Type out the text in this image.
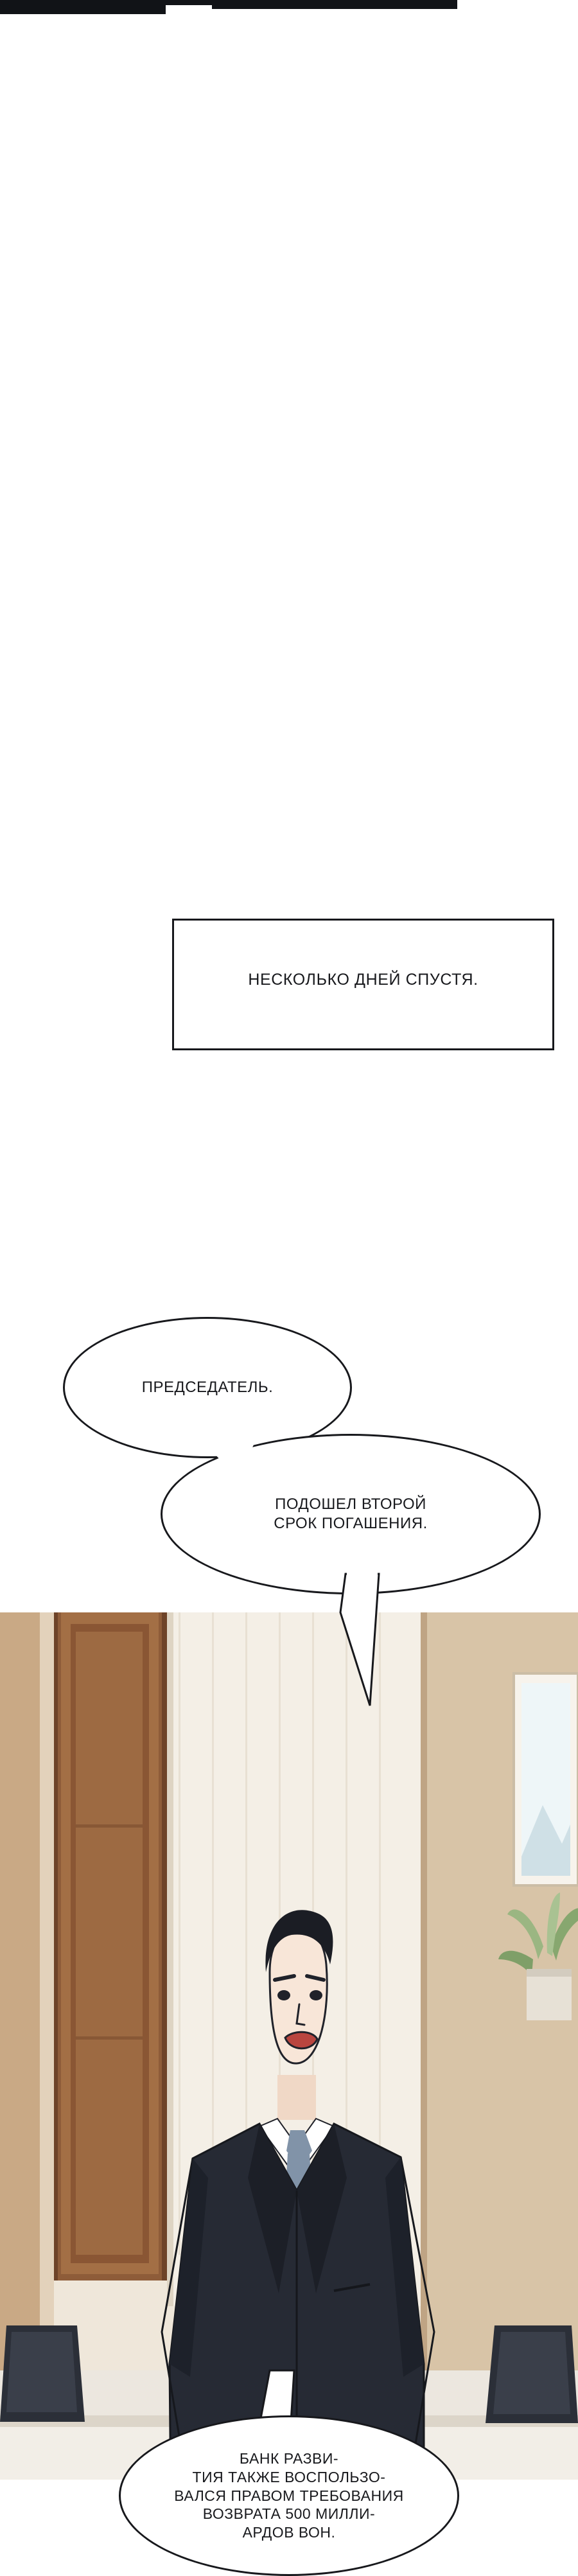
НЕСКОЛЬКО ДНЕЙ СПУСТЯ.
ПРЕДСЕДАТЕЛЬ.
ПОДОШЕЛ ВТОРОЙ
СРОК ПОГАШЕНИЯ.
БАНК РАЗВИ-
ТИЯ ТАКЖЕ ВОСПОЛЬЗО-
ВАЛСЯ ПРАВОМ ТРЕБОВАНИЯ
ВОЗВРАТА 500 МИЛЛИ-
АРДОВ ВОН.
